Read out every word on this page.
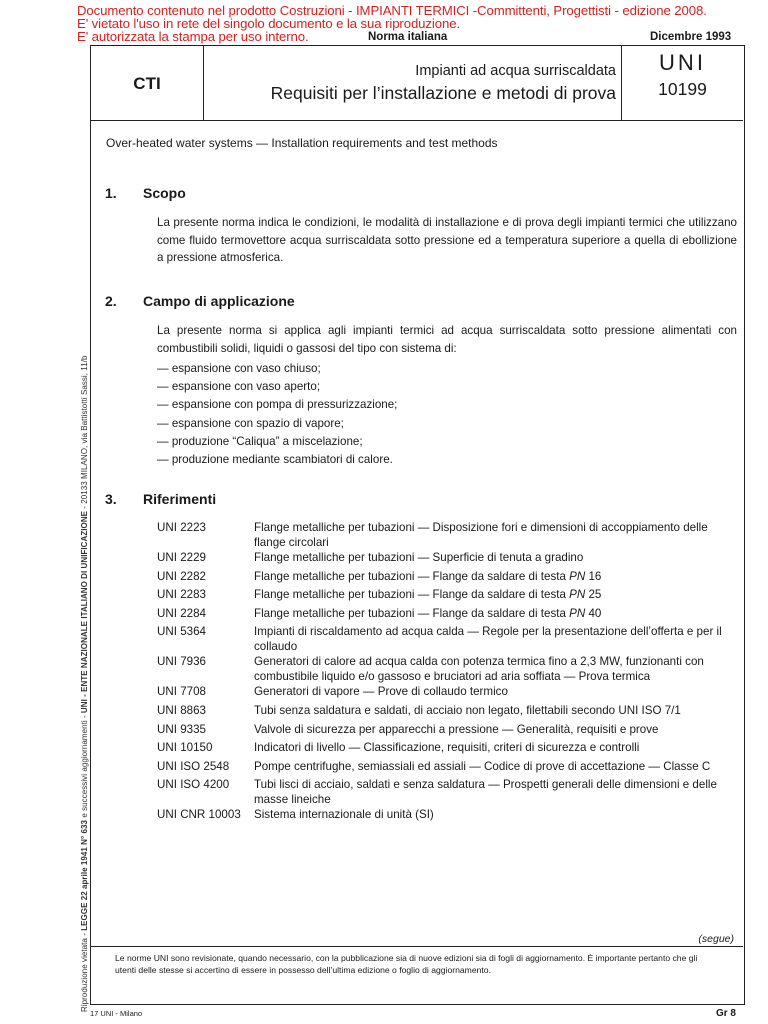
Documento contenuto nel prodotto Costruzioni - IMPIANTI TERMICI -Committenti, Progettisti - edizione 2008.
E' vietato l'uso in rete del singolo documento e la sua riproduzione.
E' autorizzata la stampa per uso interno.	Norma italiana	Dicembre 1993
CTI
Impianti ad acqua surriscaldata
Requisiti per l’installazione e metodi di prova
UNI
10199
Over-heated water systems — Installation requirements and test methods
Riproduzione vietata - LEGGE 22 aprile 1941 N° 633 e successivi aggiornamenti - UNI - ENTE NAZIONALE ITALIANO DI UNIFICAZIONE - 20133 MILANO, via Battistotti Sassi, 11/b
1. Scopo
La presente norma indica le condizioni, le modalità di installazione e di prova degli impianti termici che utilizzano come fluido termovettore acqua surriscaldata sotto pressione ed a temperatura superiore a quella di ebollizione a pressione atmosferica.
2. Campo di applicazione
La presente norma si applica agli impianti termici ad acqua surriscaldata sotto pressione alimentati con combustibili solidi, liquidi o gassosi del tipo con sistema di:
— espansione con vaso chiuso;
— espansione con vaso aperto;
— espansione con pompa di pressurizzazione;
— espansione con spazio di vapore;
— produzione “Caliqua” a miscelazione;
— produzione mediante scambiatori di calore.
3. Riferimenti
UNI 2223	Flange metalliche per tubazioni — Disposizione fori e dimensioni di accoppiamento delle flange circolari
UNI 2229	Flange metalliche per tubazioni — Superficie di tenuta a gradino
UNI 2282	Flange metalliche per tubazioni — Flange da saldare di testa PN 16
UNI 2283	Flange metalliche per tubazioni — Flange da saldare di testa PN 25
UNI 2284	Flange metalliche per tubazioni — Flange da saldare di testa PN 40
UNI 5364	Impianti di riscaldamento ad acqua calda — Regole per la presentazione dell’offerta e per il collaudo
UNI 7936	Generatori di calore ad acqua calda con potenza termica fino a 2,3 MW, funzionanti con combustibile liquido e/o gassoso e bruciatori ad aria soffiata — Prova termica
UNI 7708	Generatori di vapore — Prove di collaudo termico
UNI 8863	Tubi senza saldatura e saldati, di acciaio non legato, filettabili secondo UNI ISO 7/1
UNI 9335	Valvole di sicurezza per apparecchi a pressione — Generalità, requisiti e prove
UNI 10150	Indicatori di livello — Classificazione, requisiti, criteri di sicurezza e controlli
UNI ISO 2548	Pompe centrifughe, semiassiali ed assiali — Codice di prove di accettazione — Classe C
UNI ISO 4200	Tubi lisci di acciaio, saldati e senza saldatura — Prospetti generali delle dimensioni e delle masse lineiche
UNI CNR 10003	Sistema internazionale di unità (SI)
(segue)
Le norme UNI sono revisionate, quando necessario, con la pubblicazione sia di nuove edizioni sia di fogli di aggiornamento. È importante pertanto che gli utenti delle stesse si accertino di essere in possesso dell’ultima edizione o foglio di aggiornamento.
17 UNI - Milano	Gr 8
